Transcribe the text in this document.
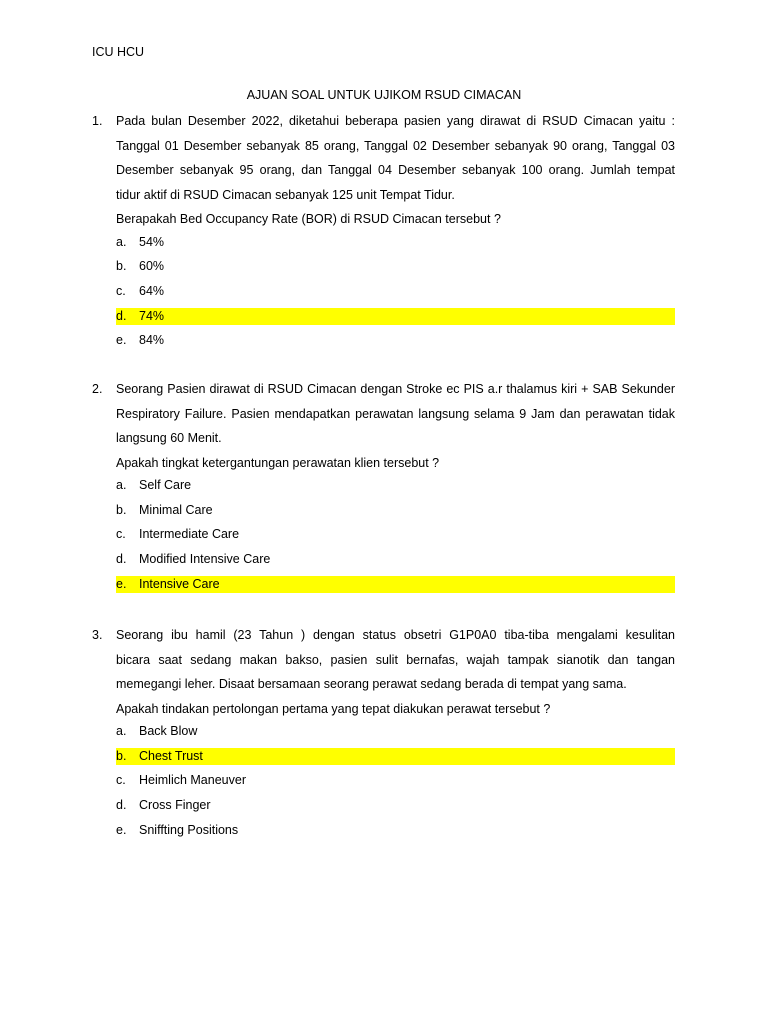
ICU HCU
AJUAN SOAL UNTUK UJIKOM RSUD CIMACAN
1. Pada bulan Desember 2022, diketahui beberapa pasien yang dirawat di RSUD Cimacan yaitu :
Tanggal 01 Desember sebanyak 85 orang, Tanggal 02 Desember sebanyak 90 orang, Tanggal 03
Desember sebanyak 95 orang, dan Tanggal 04 Desember sebanyak 100 orang. Jumlah tempat
tidur aktif di RSUD Cimacan sebanyak 125 unit Tempat Tidur.
Berapakah Bed Occupancy Rate (BOR) di RSUD Cimacan tersebut ?
a. 54%
b. 60%
c. 64%
d. 74%
e. 84%
2. Seorang Pasien dirawat di RSUD Cimacan dengan Stroke ec PIS a.r thalamus kiri + SAB Sekunder
Respiratory Failure. Pasien mendapatkan perawatan langsung selama 9 Jam dan perawatan tidak
langsung 60 Menit.
Apakah tingkat ketergantungan perawatan klien tersebut ?
a. Self Care
b. Minimal Care
c. Intermediate Care
d. Modified Intensive Care
e. Intensive Care
3. Seorang ibu hamil (23 Tahun ) dengan status obsetri G1P0A0 tiba-tiba mengalami kesulitan
bicara saat sedang makan bakso, pasien sulit bernafas, wajah tampak sianotik dan tangan
memegangi leher. Disaat bersamaan seorang perawat sedang berada di tempat yang sama.
Apakah tindakan pertolongan pertama yang tepat diakukan perawat tersebut ?
a. Back Blow
b. Chest Trust
c. Heimlich Maneuver
d. Cross Finger
e. Sniffting Positions
